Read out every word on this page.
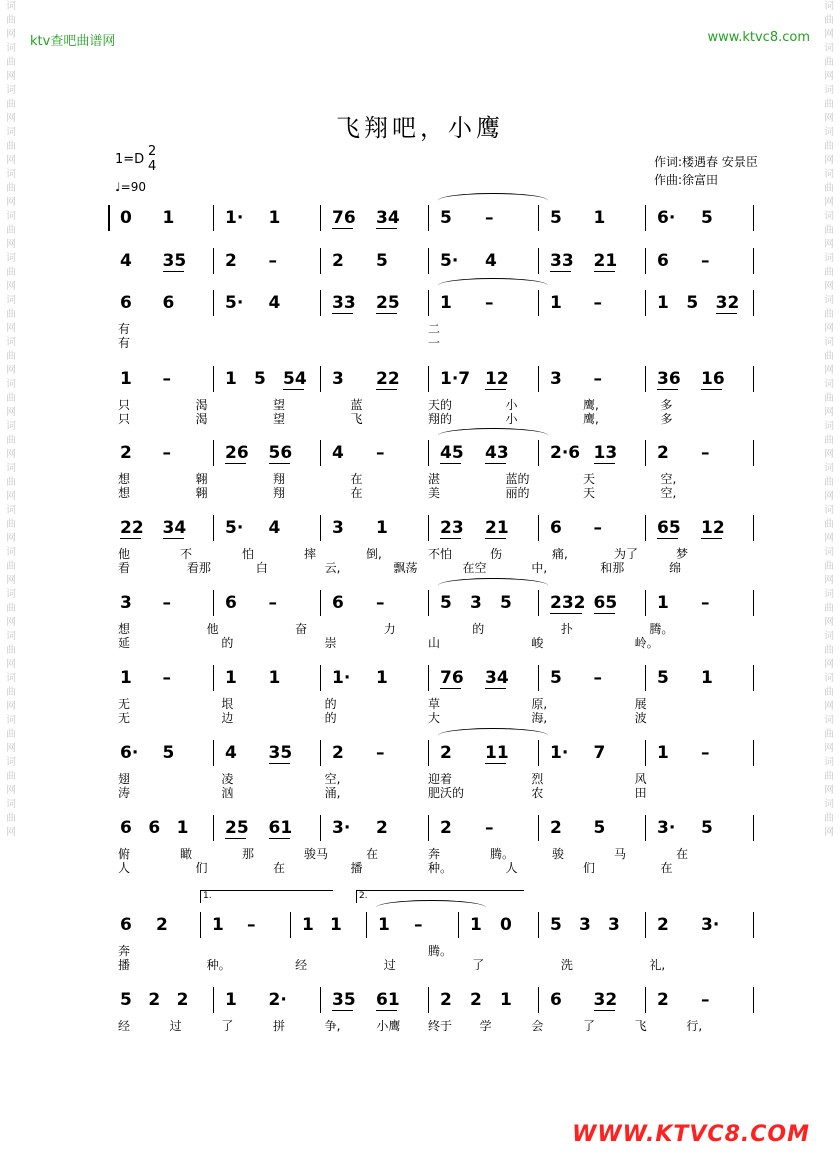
词曲网词曲网词曲网词曲网词曲网词曲网词曲网词曲网词曲网词曲网词曲网词曲网词曲网词曲网词曲网词曲网词曲网词曲网词曲网词曲网
词曲网词曲网词曲网词曲网词曲网词曲网词曲网词曲网词曲网词曲网词曲网词曲网词曲网词曲网词曲网词曲网词曲网词曲网词曲网词曲网
ktv查吧曲谱网	www.ktvc8.com
飞翔吧，小鹰
1=D
2
4
♩=90
作词:楼遇春 安景臣
作曲:徐富田
0 1	1· 1	76 34 5 –	5 1	6· 5
4 35 2 –	2 5	5· 4	33 21 6 –
6 6	5· 4	33 25 1 –	1 –	1 5 32
有	二
有	一
1 –	1 5 54 3 22 1·7 12 3 –	36 16
只	渴	望	蓝	天的	小	鹰,	多
只	渴	望	飞	翔的	小	鹰,	多
2 –	26 56 4 –	45 43 2·6 13 2 –
想	翱	翔	在	湛	蓝的	天	空,
想	翱	翔	在	美	丽的	天	空,
22 34 5· 4	3 1	23 21 6 –	65 12
他	不	怕	摔	倒,	不怕	伤	痛,	为了	梦
看	看那	白	云,	飘荡	在空	中,	和那	绵
3 –	6 –	6 –	5 3 5 232 65 1 –
想	他	奋	力	的	扑	腾。
延	的	崇	山	峻	岭。
1 –	1 1	1· 1	76 34 5 –	5 1
无	垠	的	草	原,	展
无	边	的	大	海,	波
6· 5	4 35 2 –	2 11 1· 7	1 –
翅	凌	空,	迎着	烈	风
涛	汹	涌,	肥沃的	农	田
6 6 1 25 61 3· 2	2 –	2 5	3· 5
俯	瞰	那	骏马	在	奔	腾。	骏	马	在
人	们	在	播	种。	人	们	在
6 2	1 –	1 1 1 –	1 0 5 3 3 2 3·
1.	2.
奔	腾。
播	种。	经	过	了	洗	礼,
5 2 2 1 2·	35 61 2 2 1 6 32 2 –
经	过	了	拼	争,	小鹰 终于 学	会	了	飞	行,
WWW.KTVC8.COM
